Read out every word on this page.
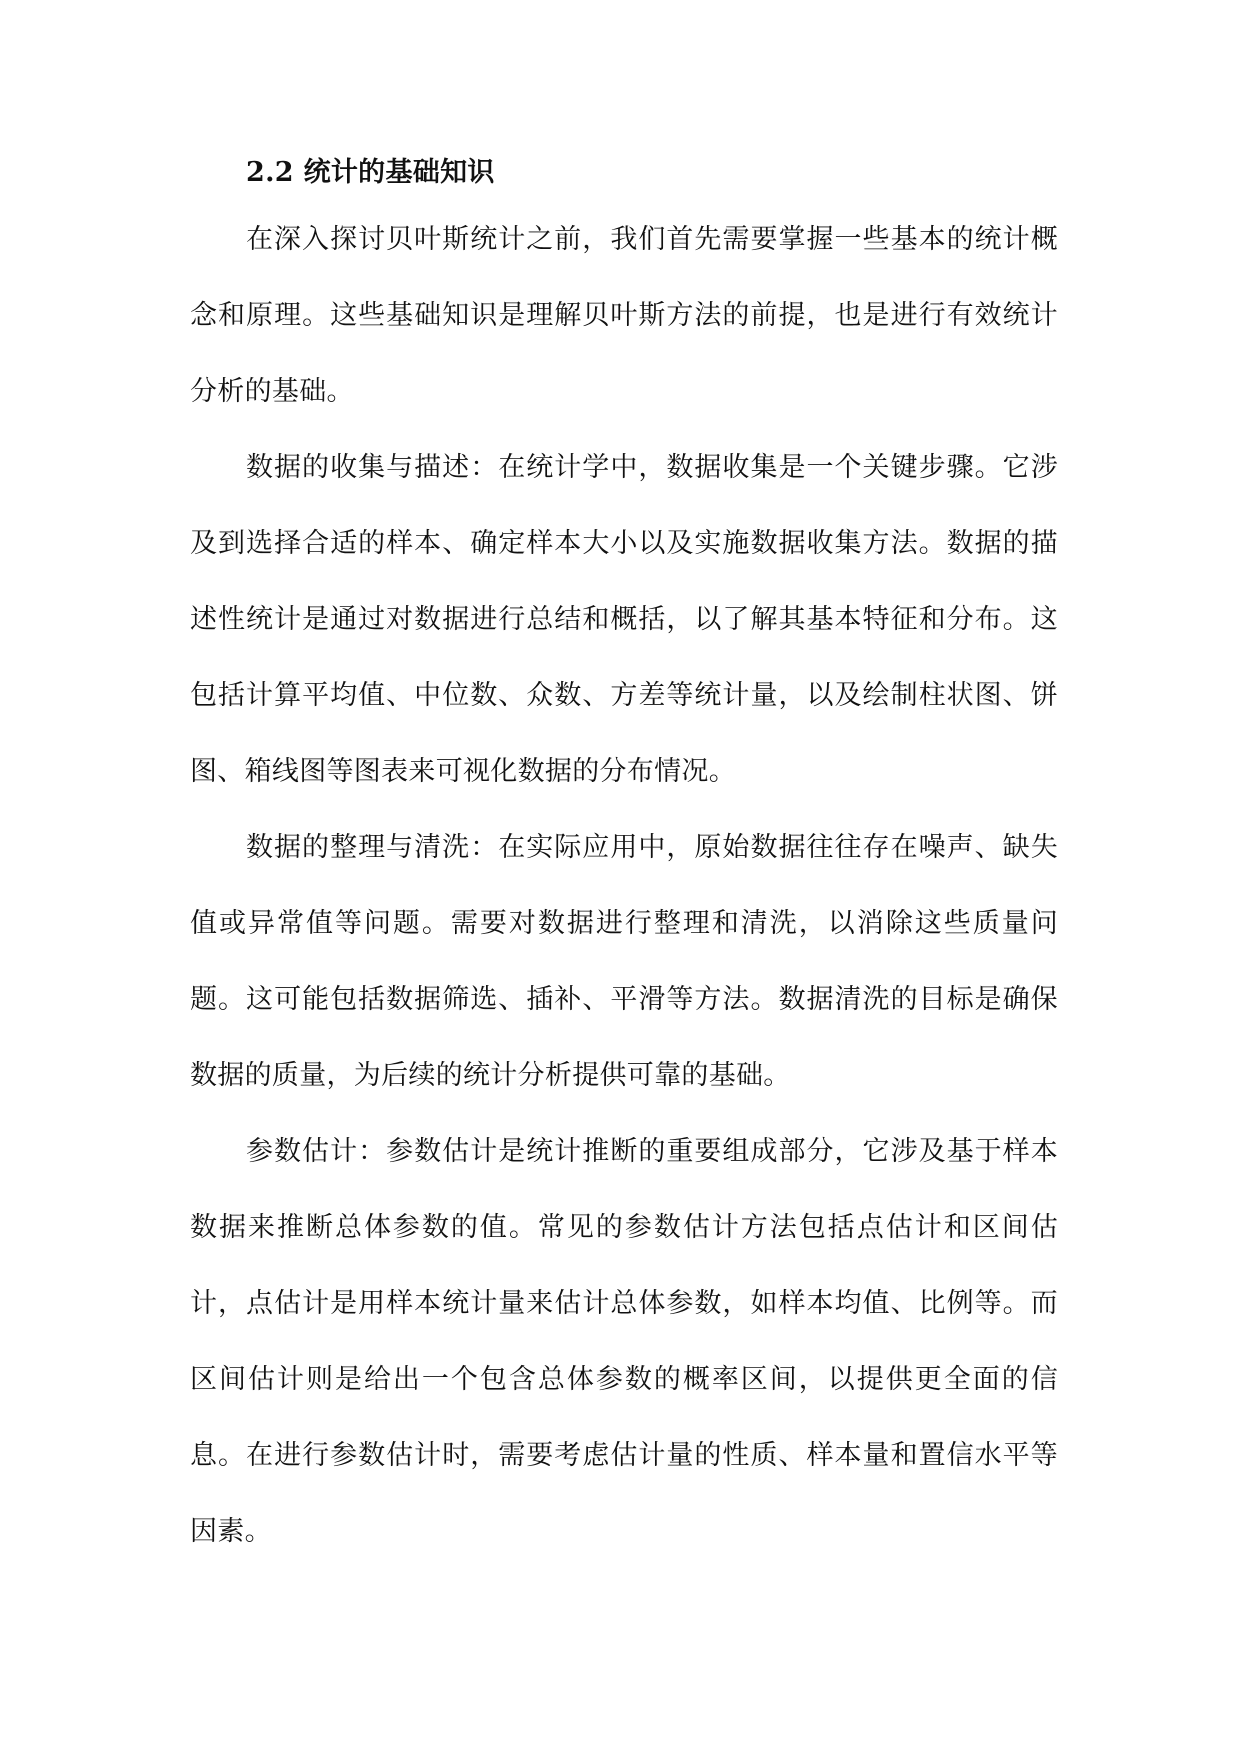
2.2 统计的基础知识

在深入探讨贝叶斯统计之前，我们首先需要掌握一些基本的统计概念和原理。这些基础知识是理解贝叶斯方法的前提，也是进行有效统计分析的基础。

数据的收集与描述：在统计学中，数据收集是一个关键步骤。它涉及到选择合适的样本、确定样本大小以及实施数据收集方法。数据的描述性统计是通过对数据进行总结和概括，以了解其基本特征和分布。这包括计算平均值、中位数、众数、方差等统计量，以及绘制柱状图、饼图、箱线图等图表来可视化数据的分布情况。

数据的整理与清洗：在实际应用中，原始数据往往存在噪声、缺失值或异常值等问题。需要对数据进行整理和清洗，以消除这些质量问题。这可能包括数据筛选、插补、平滑等方法。数据清洗的目标是确保数据的质量，为后续的统计分析提供可靠的基础。

参数估计：参数估计是统计推断的重要组成部分，它涉及基于样本数据来推断总体参数的值。常见的参数估计方法包括点估计和区间估计，点估计是用样本统计量来估计总体参数，如样本均值、比例等。而区间估计则是给出一个包含总体参数的概率区间，以提供更全面的信息。在进行参数估计时，需要考虑估计量的性质、样本量和置信水平等因素。
